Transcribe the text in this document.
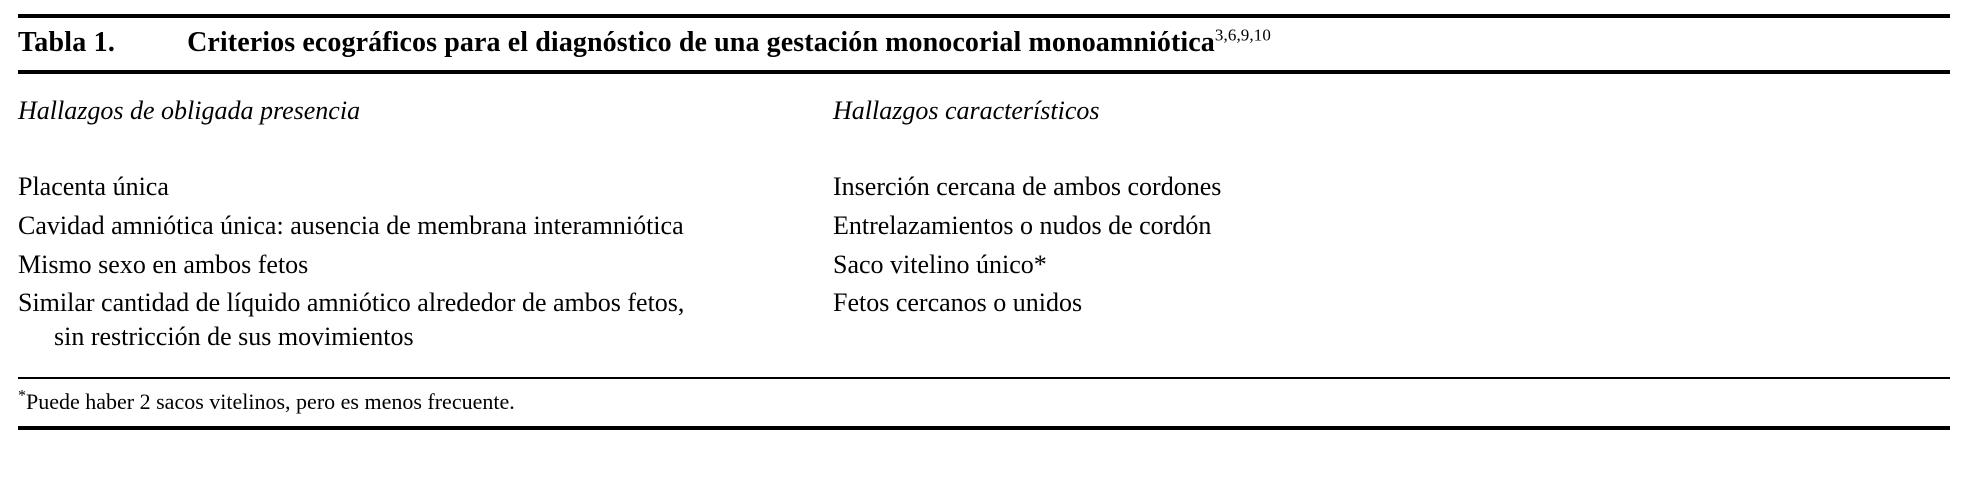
Tabla 1.	Criterios ecográficos para el diagnóstico de una gestación monocorial monoamniótica$^{3,6,9,10}$
Hallazgos de obligada presencia
Placenta única
Cavidad amniótica única: ausencia de membrana interamniótica
Mismo sexo en ambos fetos
Similar cantidad de líquido amniótico alrededor de ambos fetos,
sin restricción de sus movimientos
Hallazgos característicos
Inserción cercana de ambos cordones
Entrelazamientos o nudos de cordón
Saco vitelino único*
Fetos cercanos o unidos
*Puede haber 2 sacos vitelinos, pero es menos frecuente.
